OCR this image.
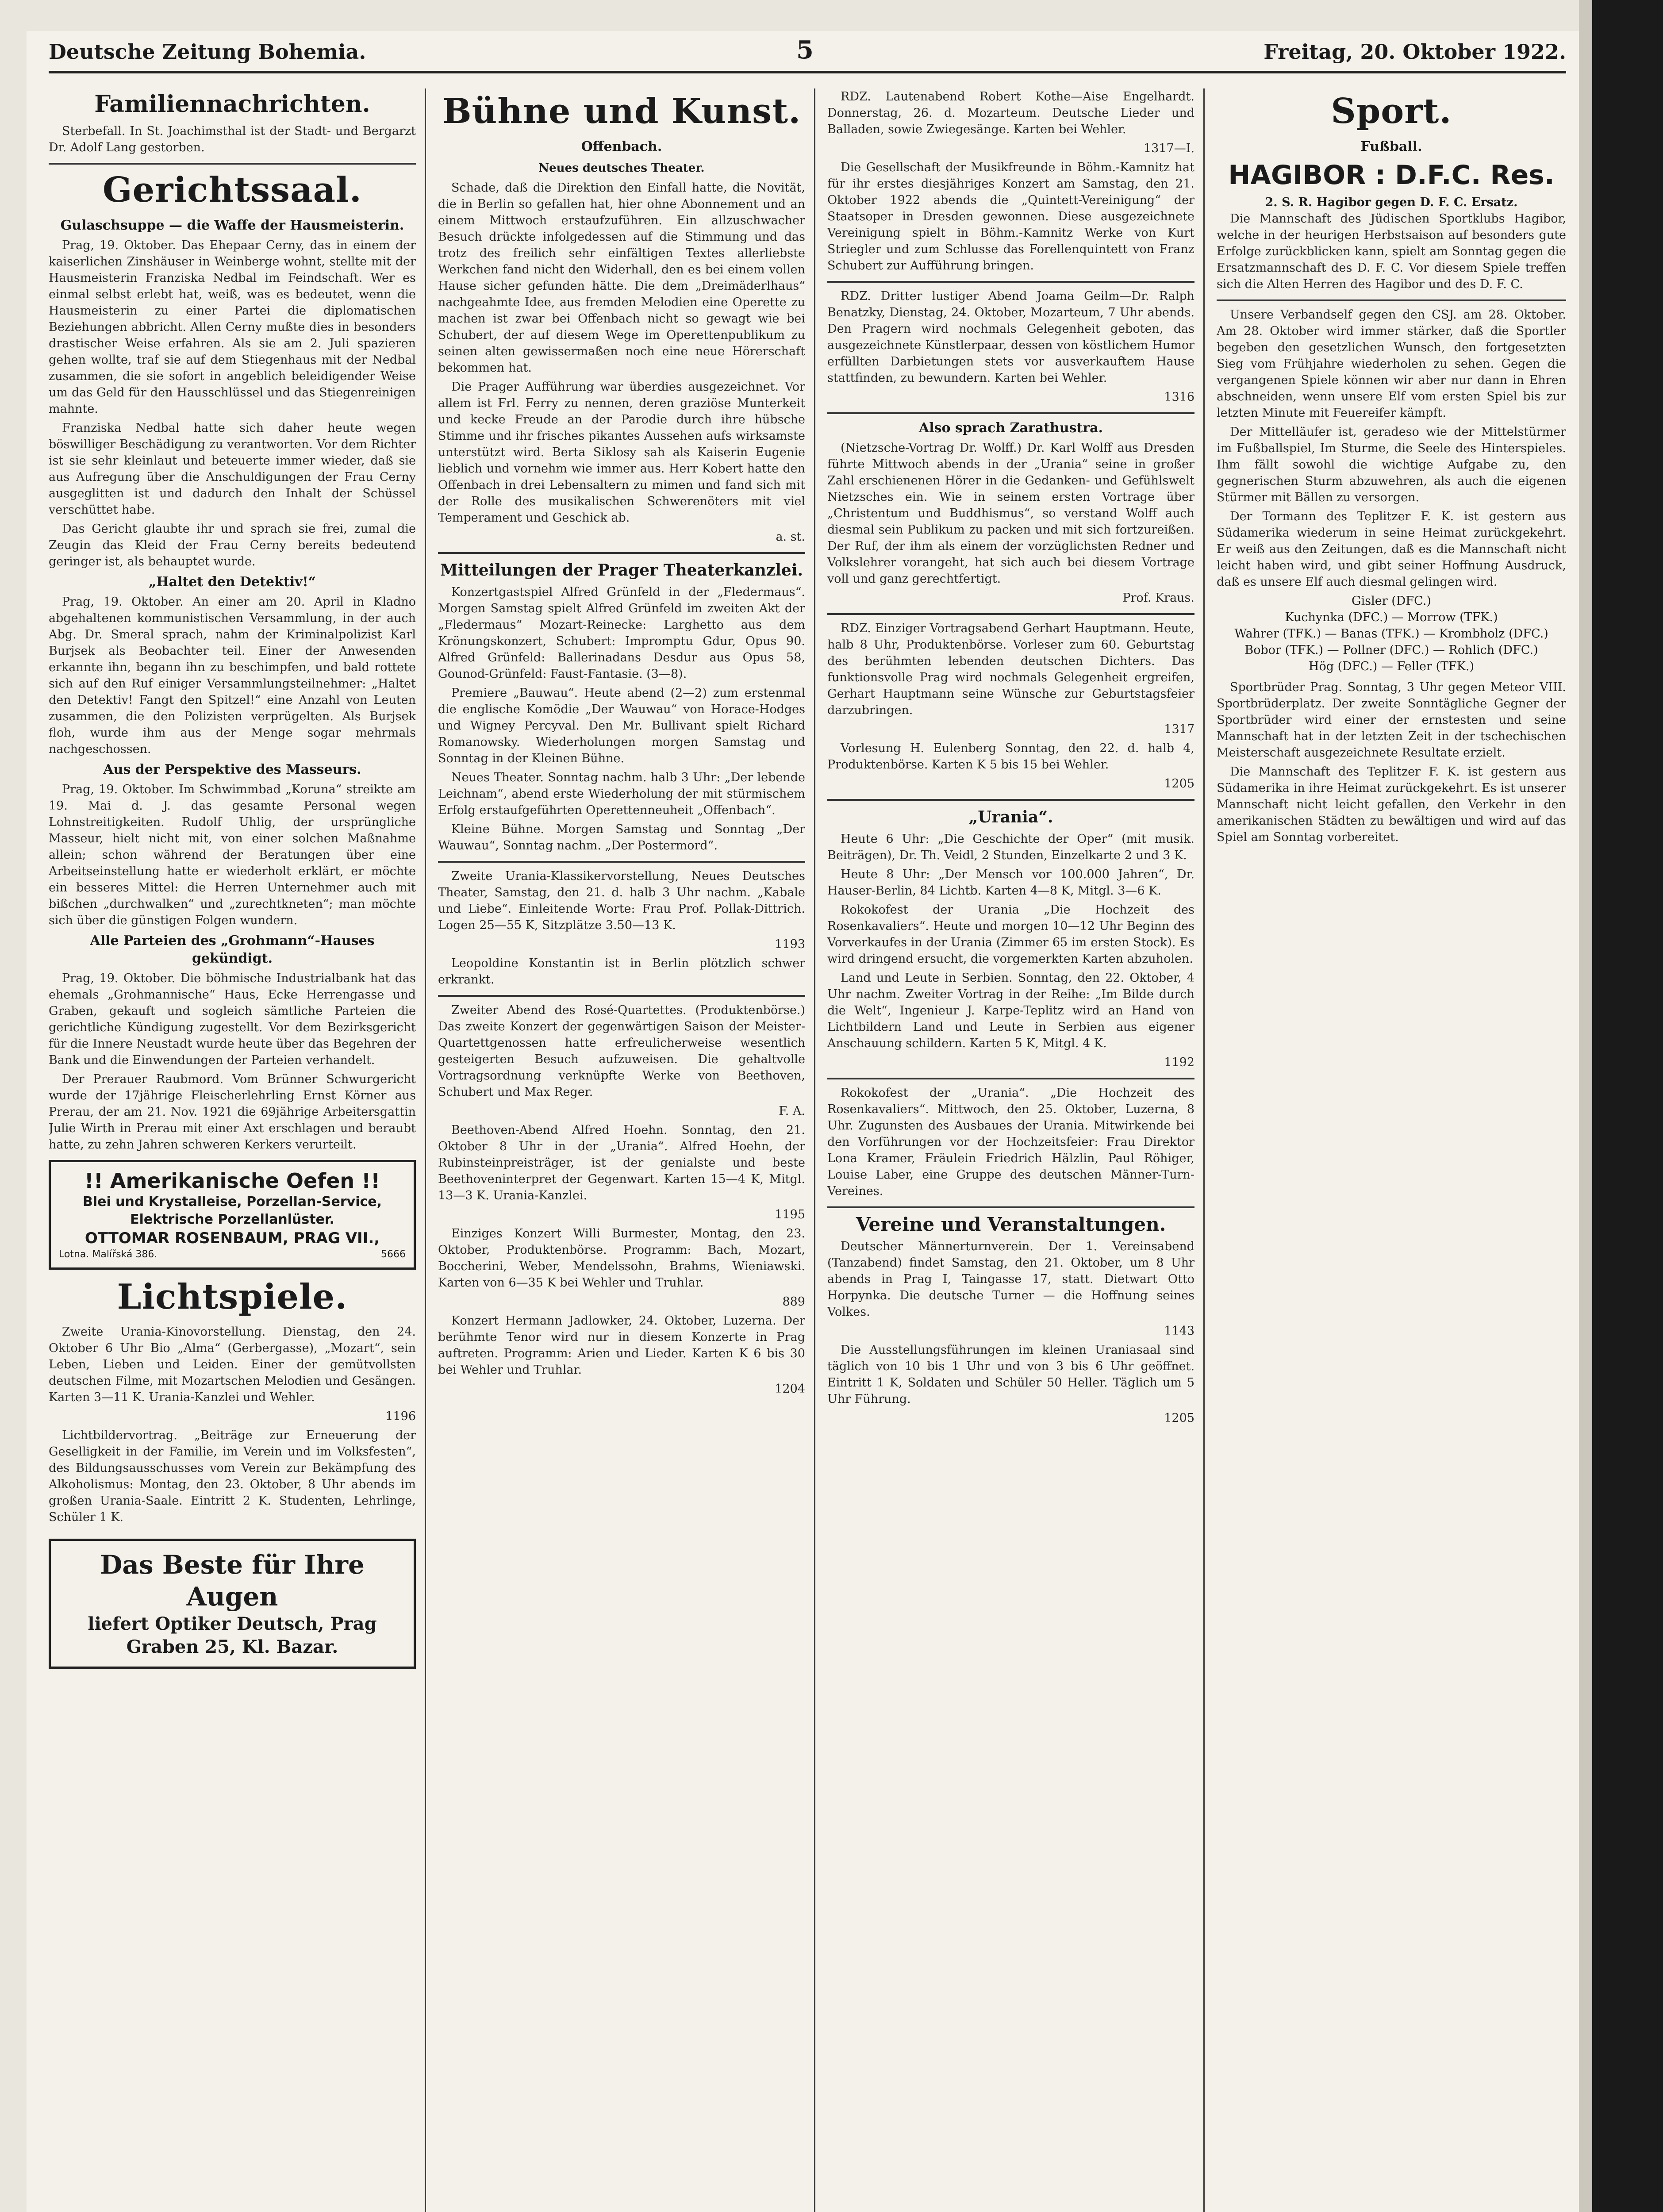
Deutsche Zeitung Bohemia.	5	Freitag, 20. Oktober 1922.
Familiennachrichten.

Sterbefall. In St. Joachimsthal ist der Stadt- und Bergarzt Dr. Adolf Lang gestorben.

Gerichtssaal.
Gulaschsuppe — die Waffe der Hausmeisterin.

Prag, 19. Oktober. Das Ehepaar Cerny, das in einem der kaiserlichen Zinshäuser in Weinberge wohnt, stellte mit der Hausmeisterin Franziska Nedbal im Feindschaft. Wer es einmal selbst erlebt hat, weiß, was es bedeutet, wenn die Hausmeisterin zu einer Partei die diplomatischen Beziehungen abbricht. Allen Cerny mußte dies in besonders drastischer Weise erfahren. Als sie am 2. Juli spazieren gehen wollte, traf sie auf dem Stiegenhaus mit der Nedbal zusammen, die sie sofort in angeblich beleidigender Weise um das Geld für den Hausschlüssel und das Stiegenreinigen mahnte.

Franziska Nedbal hatte sich daher heute wegen böswilliger Beschädigung zu verantworten. Vor dem Richter ist sie sehr kleinlaut und beteuerte immer wieder, daß sie aus Aufregung über die Anschuldigungen der Frau Cerny ausgeglitten ist und dadurch den Inhalt der Schüssel verschüttet habe.

Das Gericht glaubte ihr und sprach sie frei, zumal die Zeugin das Kleid der Frau Cerny bereits bedeutend geringer ist, als behauptet wurde.

„Haltet den Detektiv!“

Prag, 19. Oktober. An einer am 20. April in Kladno abgehaltenen kommunistischen Versammlung, in der auch Abg. Dr. Smeral sprach, nahm der Kriminalpolizist Karl Burjsek als Beobachter teil. Einer der Anwesenden erkannte ihn, begann ihn zu beschimpfen, und bald rottete sich auf den Ruf einiger Versammlungsteilnehmer: „Haltet den Detektiv! Fangt den Spitzel!“ eine Anzahl von Leuten zusammen, die den Polizisten verprügelten. Als Burjsek floh, wurde ihm aus der Menge sogar mehrmals nachgeschossen.

Aus der Perspektive des Masseurs.

Prag, 19. Oktober. Im Schwimmbad „Koruna“ streikte am 19. Mai d. J. das gesamte Personal wegen Lohnstreitigkeiten. Rudolf Uhlig, der ursprüngliche Masseur, hielt nicht mit, von einer solchen Maßnahme allein; schon während der Beratungen über eine Arbeitseinstellung hatte er wiederholt erklärt, er möchte ein besseres Mittel: die Herren Unternehmer auch mit bißchen „durchwalken“ und „zurechtkneten“; man möchte sich über die günstigen Folgen wundern.

Alle Parteien des „Grohmann“-Hauses gekündigt.

Prag, 19. Oktober. Die böhmische Industrialbank hat das ehemals „Grohmannische“ Haus, Ecke Herrengasse und Graben, gekauft und sogleich sämtliche Parteien die gerichtliche Kündigung zugestellt. Vor dem Bezirksgericht für die Innere Neustadt wurde heute über das Begehren der Bank und die Einwendungen der Parteien verhandelt.

Der Prerauer Raubmord. Vom Brünner Schwurgericht wurde der 17jährige Fleischerlehrling Ernst Körner aus Prerau, der am 21. Nov. 1921 die 69jährige Arbeitersgattin Julie Wirth in Prerau mit einer Axt erschlagen und beraubt hatte, zu zehn Jahren schweren Kerkers verurteilt.

!! Amerikanische Oefen !!
Blei und Krystalleise, Porzellan-Service, Elektrische Porzellanlüster.
OTTOMAR ROSENBAUM, PRAG VII.,
Lotna. Malířská 386.	5666
Lichtspiele.

Zweite Urania-Kinovorstellung. Dienstag, den 24. Oktober 6 Uhr Bio „Alma“ (Gerbergasse), „Mozart“, sein Leben, Lieben und Leiden. Einer der gemütvollsten deutschen Filme, mit Mozartschen Melodien und Gesängen. Karten 3—11 K. Urania-Kanzlei und Wehler.

1196

Lichtbildervortrag. „Beiträge zur Erneuerung der Geselligkeit in der Familie, im Verein und im Volksfesten“, des Bildungsausschusses vom Verein zur Bekämpfung des Alkoholismus: Montag, den 23. Oktober, 8 Uhr abends im großen Urania-Saale. Eintritt 2 K. Studenten, Lehrlinge, Schüler 1 K.

Das Beste für Ihre Augen
liefert Optiker Deutsch, Prag
Graben 25, Kl. Bazar.
Bühne und Kunst.
Offenbach.
Neues deutsches Theater.

Schade, daß die Direktion den Einfall hatte, die Novität, die in Berlin so gefallen hat, hier ohne Abonnement und an einem Mittwoch erstaufzuführen. Ein allzuschwacher Besuch drückte infolgedessen auf die Stimmung und das trotz des freilich sehr einfältigen Textes allerliebste Werkchen fand nicht den Widerhall, den es bei einem vollen Hause sicher gefunden hätte. Die dem „Dreimäderlhaus“ nachgeahmte Idee, aus fremden Melodien eine Operette zu machen ist zwar bei Offenbach nicht so gewagt wie bei Schubert, der auf diesem Wege im Operettenpublikum zu seinen alten gewissermaßen noch eine neue Hörerschaft bekommen hat.

Die Prager Aufführung war überdies ausgezeichnet. Vor allem ist Frl. Ferry zu nennen, deren graziöse Munterkeit und kecke Freude an der Parodie durch ihre hübsche Stimme und ihr frisches pikantes Aussehen aufs wirksamste unterstützt wird. Berta Siklosy sah als Kaiserin Eugenie lieblich und vornehm wie immer aus. Herr Kobert hatte den Offenbach in drei Lebensaltern zu mimen und fand sich mit der Rolle des musikalischen Schwerenöters mit viel Temperament und Geschick ab.

a. st.

Mitteilungen der Prager Theaterkanzlei.

Konzertgastspiel Alfred Grünfeld in der „Fledermaus“. Morgen Samstag spielt Alfred Grünfeld im zweiten Akt der „Fledermaus“ Mozart-Reinecke: Larghetto aus dem Krönungskonzert, Schubert: Impromptu Gdur, Opus 90. Alfred Grünfeld: Ballerinadans Desdur aus Opus 58, Gounod-Grünfeld: Faust-Fantasie. (3—8).

Premiere „Bauwau“. Heute abend (2—2) zum erstenmal die englische Komödie „Der Wauwau“ von Horace-Hodges und Wigney Percyval. Den Mr. Bullivant spielt Richard Romanowsky. Wiederholungen morgen Samstag und Sonntag in der Kleinen Bühne.

Neues Theater. Sonntag nachm. halb 3 Uhr: „Der lebende Leichnam“, abend erste Wiederholung der mit stürmischem Erfolg erstaufgeführten Operettenneuheit „Offenbach“.

Kleine Bühne. Morgen Samstag und Sonntag „Der Wauwau“, Sonntag nachm. „Der Postermord“.

Zweite Urania-Klassikervorstellung, Neues Deutsches Theater, Samstag, den 21. d. halb 3 Uhr nachm. „Kabale und Liebe“. Einleitende Worte: Frau Prof. Pollak-Dittrich. Logen 25—55 K, Sitzplätze 3.50—13 K.

1193

Leopoldine Konstantin ist in Berlin plötzlich schwer erkrankt.

Zweiter Abend des Rosé-Quartettes. (Produktenbörse.) Das zweite Konzert der gegenwärtigen Saison der Meister-Quartettgenossen hatte erfreulicherweise wesentlich gesteigerten Besuch aufzuweisen. Die gehaltvolle Vortragsordnung verknüpfte Werke von Beethoven, Schubert und Max Reger.

F. A.

Beethoven-Abend Alfred Hoehn. Sonntag, den 21. Oktober 8 Uhr in der „Urania“. Alfred Hoehn, der Rubinsteinpreisträger, ist der genialste und beste Beethoveninterpret der Gegenwart. Karten 15—4 K, Mitgl. 13—3 K. Urania-Kanzlei.

1195

Einziges Konzert Willi Burmester, Montag, den 23. Oktober, Produktenbörse. Programm: Bach, Mozart, Boccherini, Weber, Mendelssohn, Brahms, Wieniawski. Karten von 6—35 K bei Wehler und Truhlar.

889

Konzert Hermann Jadlowker, 24. Oktober, Luzerna. Der berühmte Tenor wird nur in diesem Konzerte in Prag auftreten. Programm: Arien und Lieder. Karten K 6 bis 30 bei Wehler und Truhlar.

1204

RDZ. Lautenabend Robert Kothe—Aise Engelhardt. Donnerstag, 26. d. Mozarteum. Deutsche Lieder und Balladen, sowie Zwiegesänge. Karten bei Wehler.

1317—I.

Die Gesellschaft der Musikfreunde in Böhm.-Kamnitz hat für ihr erstes diesjähriges Konzert am Samstag, den 21. Oktober 1922 abends die „Quintett-Vereinigung“ der Staatsoper in Dresden gewonnen. Diese ausgezeichnete Vereinigung spielt in Böhm.-Kamnitz Werke von Kurt Striegler und zum Schlusse das Forellenquintett von Franz Schubert zur Aufführung bringen.

RDZ. Dritter lustiger Abend Joama Geilm—Dr. Ralph Benatzky, Dienstag, 24. Oktober, Mozarteum, 7 Uhr abends. Den Pragern wird nochmals Gelegenheit geboten, das ausgezeichnete Künstlerpaar, dessen von köstlichem Humor erfüllten Darbietungen stets vor ausverkauftem Hause stattfinden, zu bewundern. Karten bei Wehler.

1316

Also sprach Zarathustra.

(Nietzsche-Vortrag Dr. Wolff.) Dr. Karl Wolff aus Dresden führte Mittwoch abends in der „Urania“ seine in großer Zahl erschienenen Hörer in die Gedanken- und Gefühlswelt Nietzsches ein. Wie in seinem ersten Vortrage über „Christentum und Buddhismus“, so verstand Wolff auch diesmal sein Publikum zu packen und mit sich fortzureißen. Der Ruf, der ihm als einem der vorzüglichsten Redner und Volkslehrer vorangeht, hat sich auch bei diesem Vortrage voll und ganz gerechtfertigt.

Prof. Kraus.

RDZ. Einziger Vortragsabend Gerhart Hauptmann. Heute, halb 8 Uhr, Produktenbörse. Vorleser zum 60. Geburtstag des berühmten lebenden deutschen Dichters. Das funktionsvolle Prag wird nochmals Gelegenheit ergreifen, Gerhart Hauptmann seine Wünsche zur Geburtstagsfeier darzubringen.

1317

Vorlesung H. Eulenberg Sonntag, den 22. d. halb 4, Produktenbörse. Karten K 5 bis 15 bei Wehler.

1205

„Urania“.

Heute 6 Uhr: „Die Geschichte der Oper“ (mit musik. Beiträgen), Dr. Th. Veidl, 2 Stunden, Einzelkarte 2 und 3 K.

Heute 8 Uhr: „Der Mensch vor 100.000 Jahren“, Dr. Hauser-Berlin, 84 Lichtb. Karten 4—8 K, Mitgl. 3—6 K.

Rokokofest der Urania „Die Hochzeit des Rosenkavaliers“. Heute und morgen 10—12 Uhr Beginn des Vorverkaufes in der Urania (Zimmer 65 im ersten Stock). Es wird dringend ersucht, die vorgemerkten Karten abzuholen.

Land und Leute in Serbien. Sonntag, den 22. Oktober, 4 Uhr nachm. Zweiter Vortrag in der Reihe: „Im Bilde durch die Welt“, Ingenieur J. Karpe-Teplitz wird an Hand von Lichtbildern Land und Leute in Serbien aus eigener Anschauung schildern. Karten 5 K, Mitgl. 4 K.

1192

Rokokofest der „Urania“. „Die Hochzeit des Rosenkavaliers“. Mittwoch, den 25. Oktober, Luzerna, 8 Uhr. Zugunsten des Ausbaues der Urania. Mitwirkende bei den Vorführungen vor der Hochzeitsfeier: Frau Direktor Lona Kramer, Fräulein Friedrich Hälzlin, Paul Röhiger, Louise Laber, eine Gruppe des deutschen Männer-Turn-Vereines.

Vereine und Veranstaltungen.

Deutscher Männerturnverein. Der 1. Vereinsabend (Tanzabend) findet Samstag, den 21. Oktober, um 8 Uhr abends in Prag I, Taingasse 17, statt. Dietwart Otto Horpynka. Die deutsche Turner — die Hoffnung seines Volkes.

1143

Die Ausstellungsführungen im kleinen Uraniasaal sind täglich von 10 bis 1 Uhr und von 3 bis 6 Uhr geöffnet. Eintritt 1 K, Soldaten und Schüler 50 Heller. Täglich um 5 Uhr Führung.

1205

Sport.
Fußball.
HAGIBOR : D.F.C. Res.
2. S. R. Hagibor gegen D. F. C. Ersatz.

Die Mannschaft des Jüdischen Sportklubs Hagibor, welche in der heurigen Herbstsaison auf besonders gute Erfolge zurückblicken kann, spielt am Sonntag gegen die Ersatzmannschaft des D. F. C. Vor diesem Spiele treffen sich die Alten Herren des Hagibor und des D. F. C.

Unsere Verbandself gegen den CSJ. am 28. Oktober. Am 28. Oktober wird immer stärker, daß die Sportler begeben den gesetzlichen Wunsch, den fortgesetzten Sieg vom Frühjahre wiederholen zu sehen. Gegen die vergangenen Spiele können wir aber nur dann in Ehren abschneiden, wenn unsere Elf vom ersten Spiel bis zur letzten Minute mit Feuereifer kämpft.

Der Mittelläufer ist, geradeso wie der Mittelstürmer im Fußballspiel, Im Sturme, die Seele des Hinterspieles. Ihm fällt sowohl die wichtige Aufgabe zu, den gegnerischen Sturm abzuwehren, als auch die eigenen Stürmer mit Bällen zu versorgen.

Der Tormann des Teplitzer F. K. ist gestern aus Südamerika wiederum in seine Heimat zurückgekehrt. Er weiß aus den Zeitungen, daß es die Mannschaft nicht leicht haben wird, und gibt seiner Hoffnung Ausdruck, daß es unsere Elf auch diesmal gelingen wird.

Gisler (DFC.)
Kuchynka (DFC.) — Morrow (TFK.)
Wahrer (TFK.) — Banas (TFK.) — Krombholz (DFC.)
Bobor (TFK.) — Pollner (DFC.) — Rohlich (DFC.)
Hög (DFC.) — Feller (TFK.)

Sportbrüder Prag. Sonntag, 3 Uhr gegen Meteor VIII. Sportbrüderplatz. Der zweite Sonntägliche Gegner der Sportbrüder wird einer der ernstesten und seine Mannschaft hat in der letzten Zeit in der tschechischen Meisterschaft ausgezeichnete Resultate erzielt.

Die Mannschaft des Teplitzer F. K. ist gestern aus Südamerika in ihre Heimat zurückgekehrt. Es ist unserer Mannschaft nicht leicht gefallen, den Verkehr in den amerikanischen Städten zu bewältigen und wird auf das Spiel am Sonntag vorbereitet.
